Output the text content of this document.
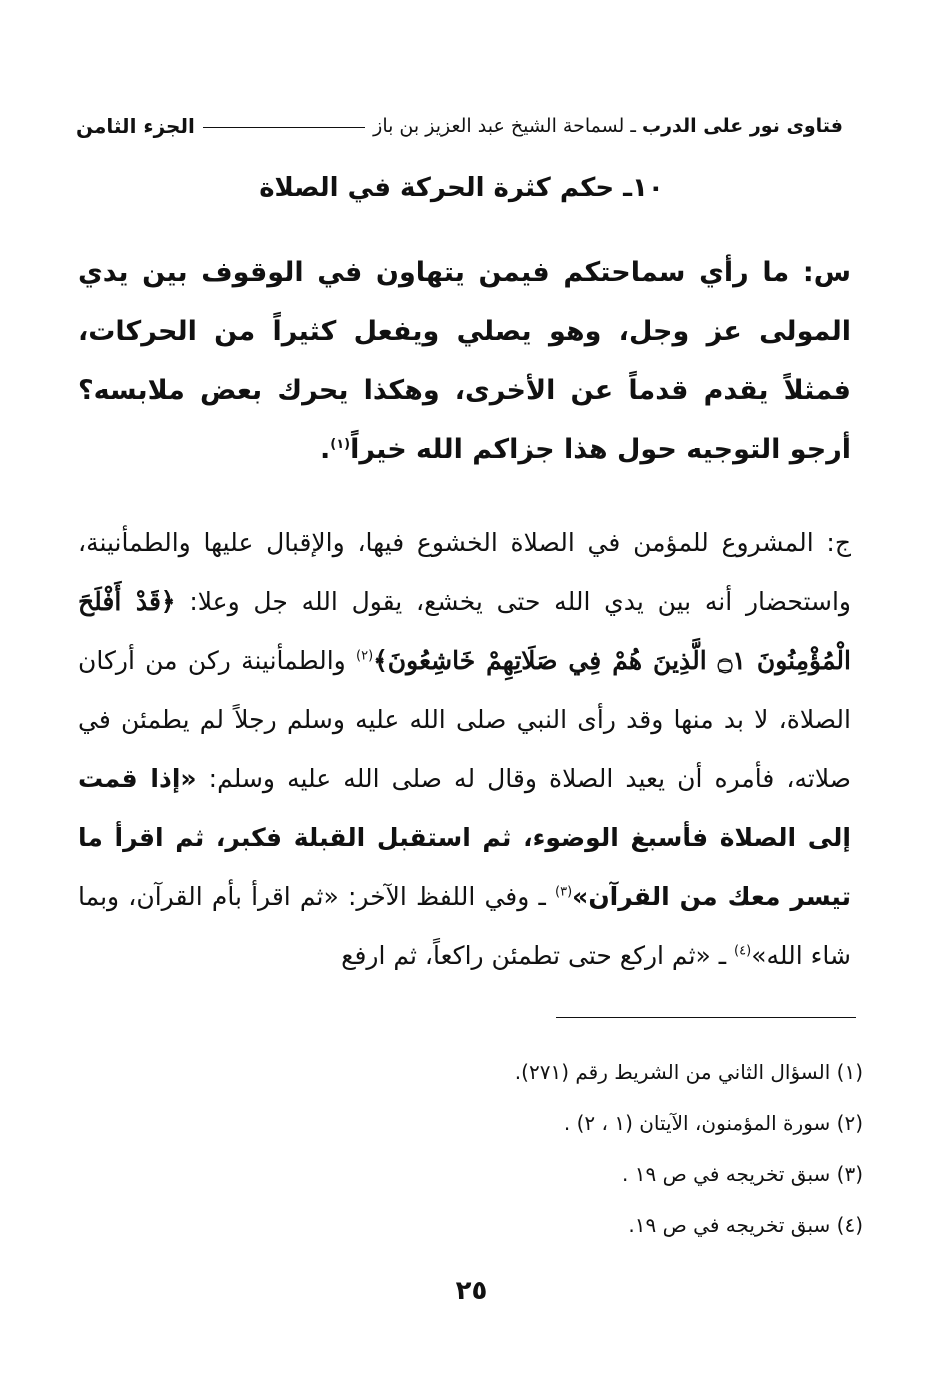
فتاوى نور على الدرب ـ لسماحة الشيخ عبد العزيز بن باز
الجزء الثامن
١٠ـ حكم كثرة الحركة في الصلاة
س: ما رأي سماحتكم فيمن يتهاون في الوقوف بين يدي المولى عز وجل، وهو يصلي ويفعل كثيراً من الحركات، فمثلاً يقدم قدماً عن الأخرى، وهكذا يحرك بعض ملابسه؟ أرجو التوجيه حول هذا جزاكم الله خيراً$^{(١)}$.
ج: المشروع للمؤمن في الصلاة الخشوع فيها، والإقبال عليها والطمأنينة، واستحضار أنه بين يدي الله حتى يخشع، يقول الله جل وعلا: ﴿قَدْ أَفْلَحَ الْمُؤْمِنُونَ ۝١ الَّذِينَ هُمْ فِي صَلَاتِهِمْ خَاشِعُونَ﴾$^{(٢)}$ والطمأنينة ركن من أركان الصلاة، لا بد منها وقد رأى النبي صلى الله عليه وسلم رجلاً لم يطمئن في صلاته، فأمره أن يعيد الصلاة وقال له صلى الله عليه وسلم: «إذا قمت إلى الصلاة فأسبغ الوضوء، ثم استقبل القبلة فكبر، ثم اقرأ ما تيسر معك من القرآن»$^{(٣)}$ ـ وفي اللفظ الآخر: «ثم اقرأ بأم القرآن، وبما شاء الله»$^{(٤)}$ ـ «ثم اركع حتى تطمئن راكعاً، ثم ارفع
(١) السؤال الثاني من الشريط رقم (٢٧١).
(٢) سورة المؤمنون، الآيتان (١ ، ٢) .
(٣) سبق تخريجه في ص ١٩ .
(٤) سبق تخريجه في ص ١٩.
٢٥
